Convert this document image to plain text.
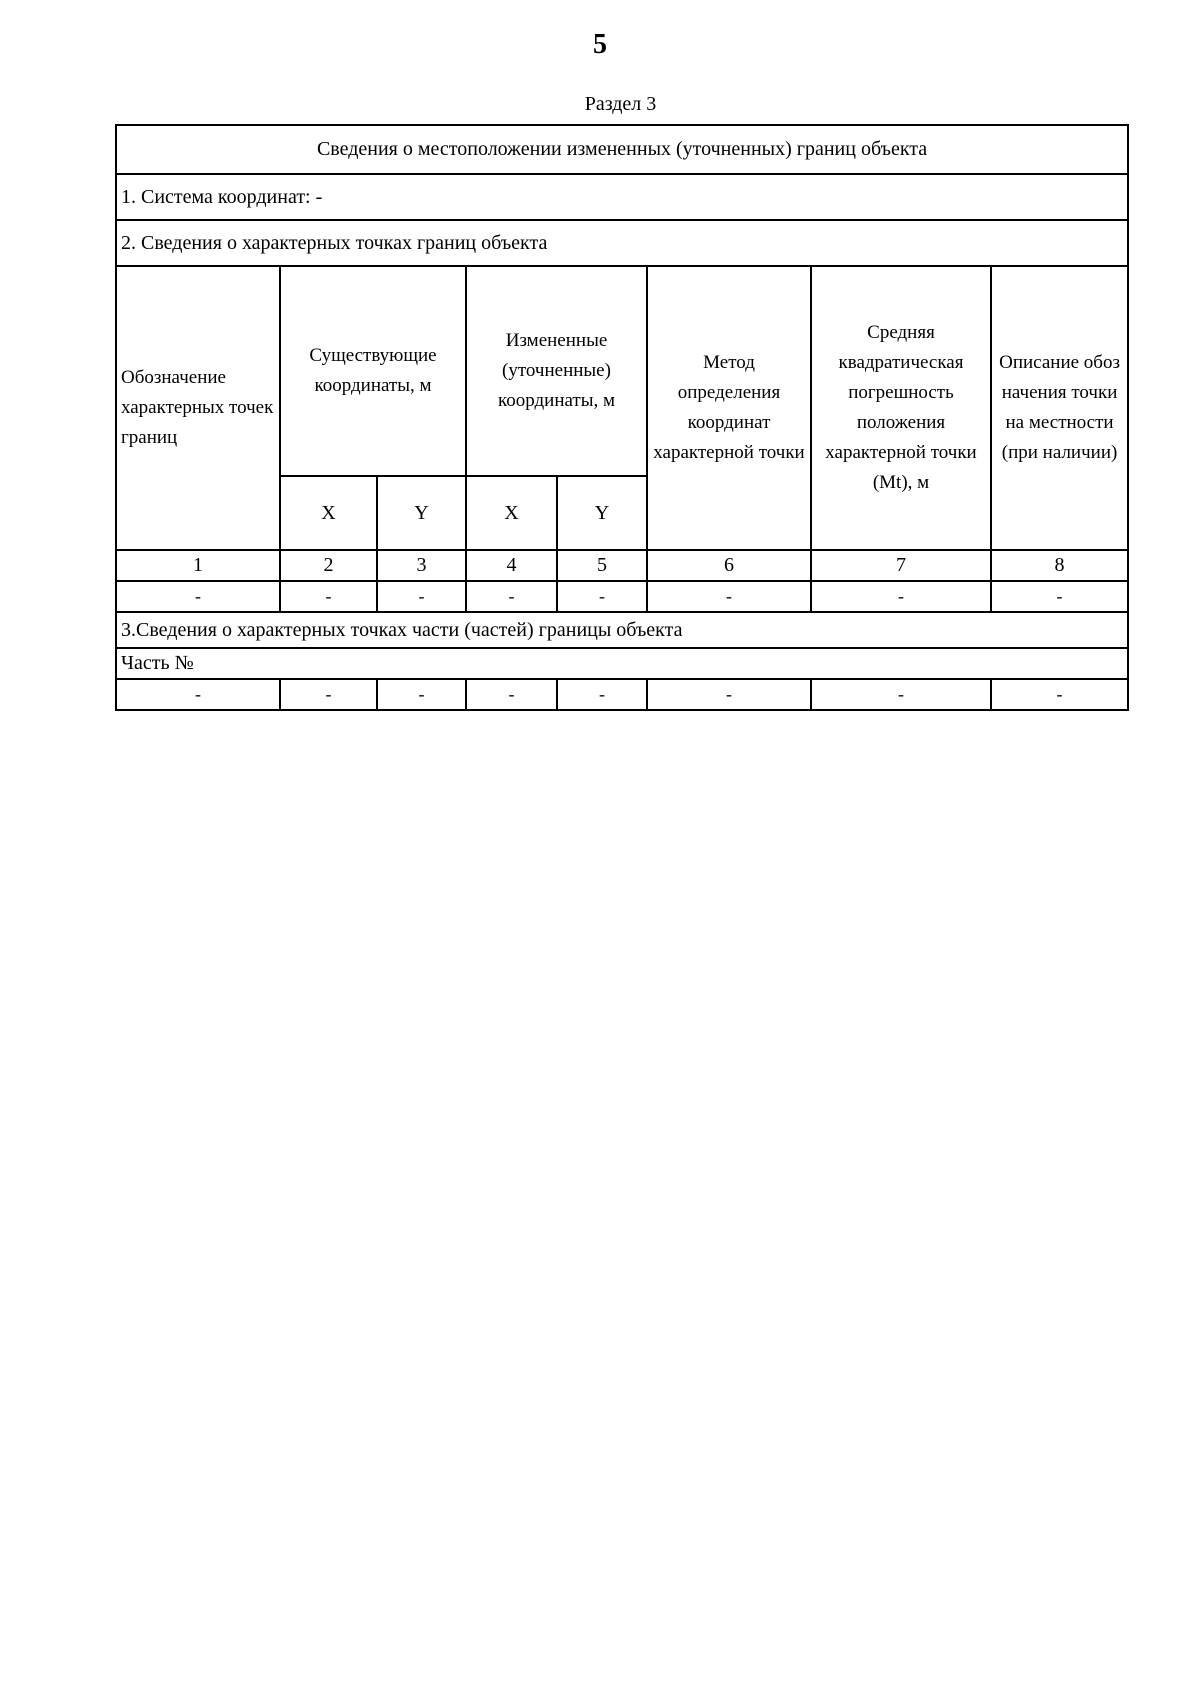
5
Раздел 3
Сведения о местоположении измененных (уточненных) границ объекта							
1. Система координат: -							
2. Сведения о характерных точках границ объекта							
Обозначение характерных точек границ	Существующие координаты, м		Измененные (уточненные) координаты, м		Метод определения координат характерной точки	Средняя квадратическая погрешность положения характерной точки (Mt), м	Описание обозначения точки на местности (при наличии)
	X	Y	X	Y			
1	2	3	4	5	6	7	8
-	-	-	-	-	-	-	-
3.Сведения о характерных точках части (частей) границы объекта							
Часть №							
-	-	-	-	-	-	-	-
